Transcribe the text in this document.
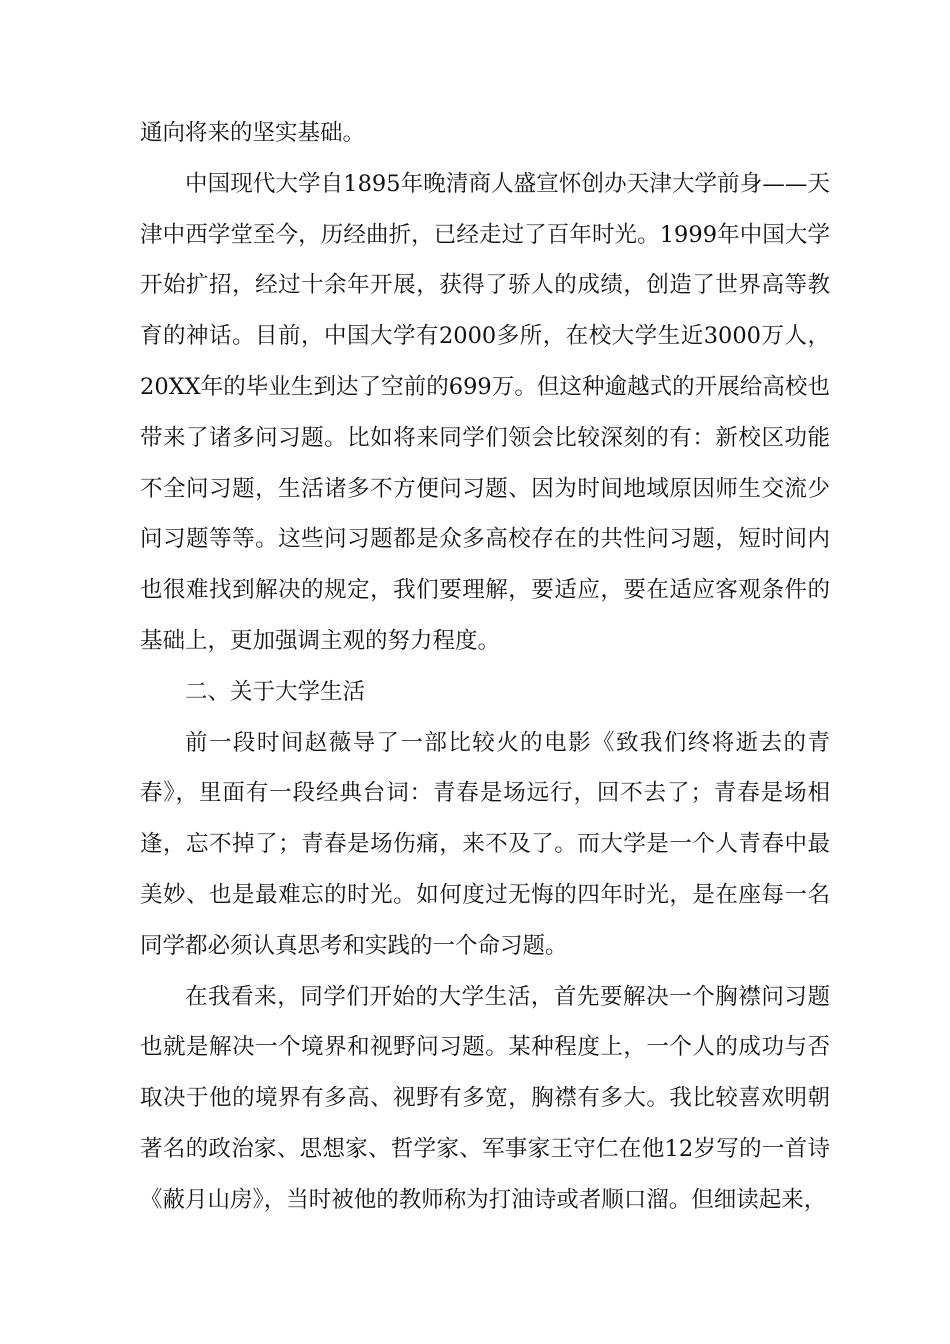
通向将来的坚实基础。

中国现代大学自1895年晚清商人盛宣怀创办天津大学前身——天津中西学堂至今，历经曲折，已经走过了百年时光。1999年中国大学开始扩招，经过十余年开展，获得了骄人的成绩，创造了世界高等教育的神话。目前，中国大学有2000多所，在校大学生近3000万人，20XX年的毕业生到达了空前的699万。但这种逾越式的开展给高校也带来了诸多问习题。比如将来同学们领会比较深刻的有：新校区功能不全问习题，生活诸多不方便问习题、因为时间地域原因师生交流少问习题等等。这些问习题都是众多高校存在的共性问习题，短时间内也很难找到解决的规定，我们要理解，要适应，要在适应客观条件的基础上，更加强调主观的努力程度。

二、关于大学生活

前一段时间赵薇导了一部比较火的电影《致我们终将逝去的青春》，里面有一段经典台词：青春是场远行，回不去了；青春是场相逢，忘不掉了；青春是场伤痛，来不及了。而大学是一个人青春中最美妙、也是最难忘的时光。如何度过无悔的四年时光，是在座每一名同学都必须认真思考和实践的一个命习题。

在我看来，同学们开始的大学生活，首先要解决一个胸襟问习题也就是解决一个境界和视野问习题。某种程度上，一个人的成功与否取决于他的境界有多高、视野有多宽，胸襟有多大。我比较喜欢明朝著名的政治家、思想家、哲学家、军事家王守仁在他12岁写的一首诗《蔽月山房》，当时被他的教师称为打油诗或者顺口溜。但细读起来，
